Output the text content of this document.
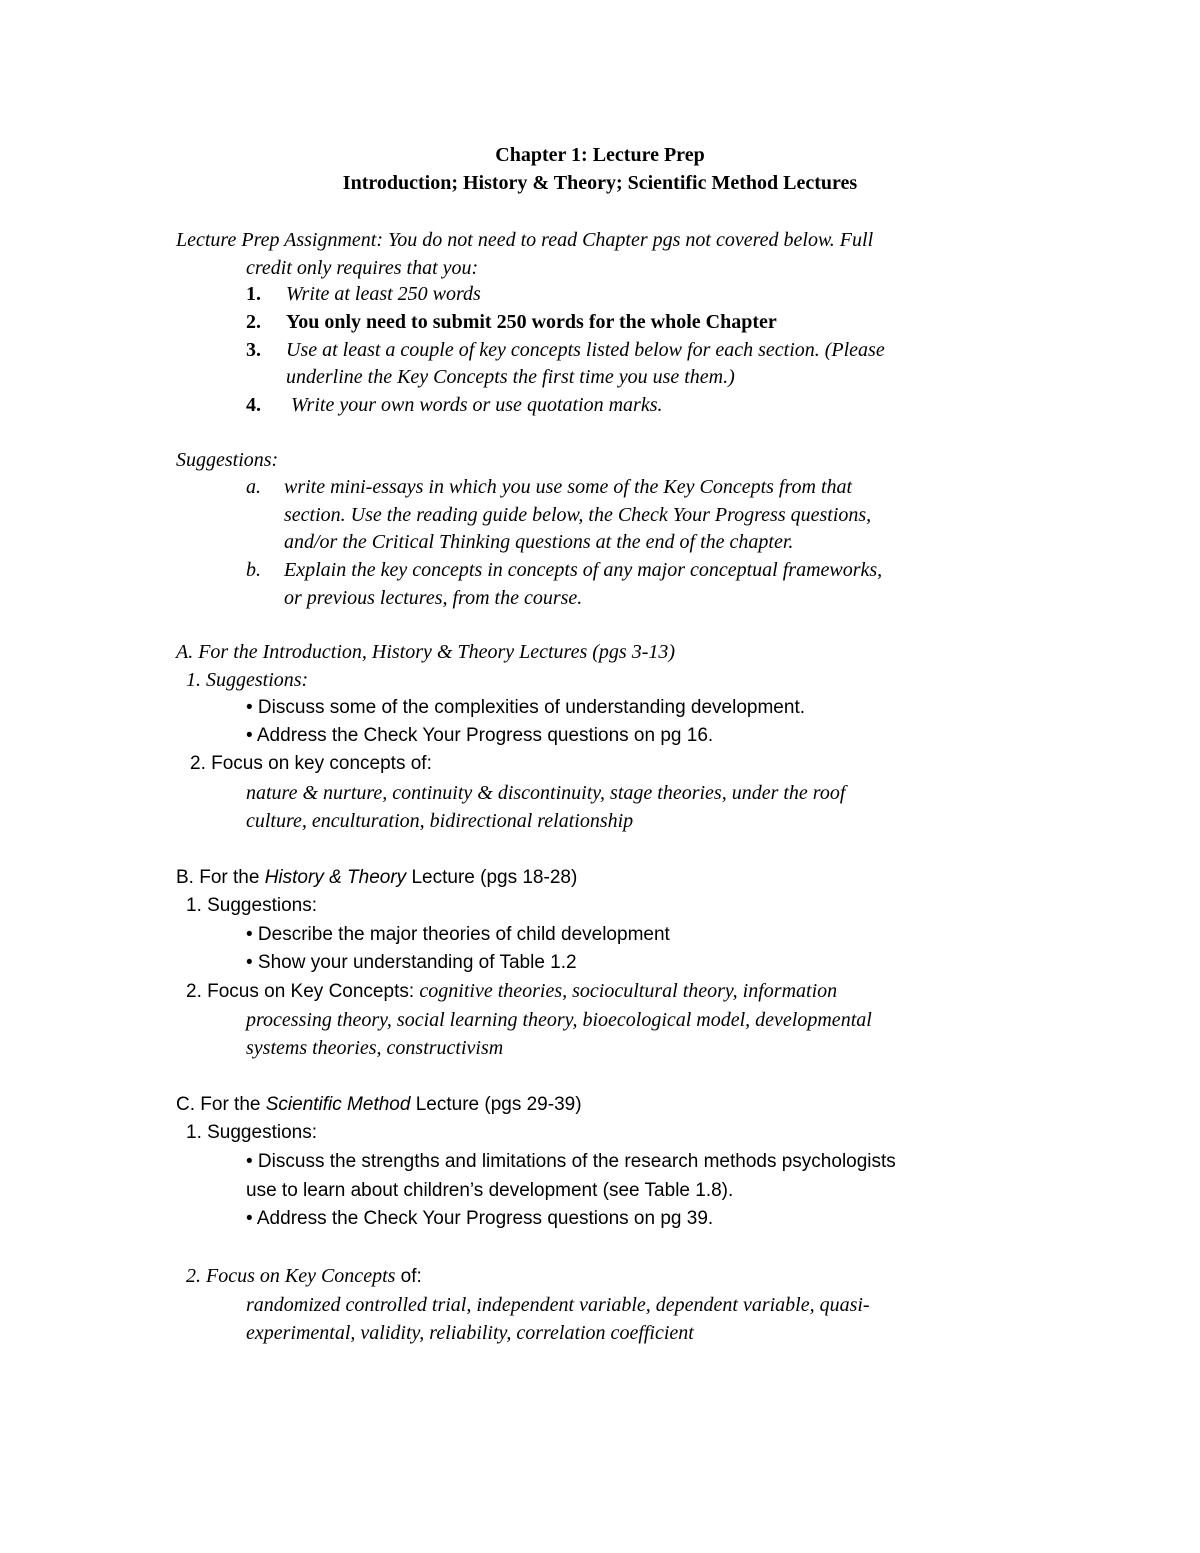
Chapter 1: Lecture Prep
Introduction; History & Theory; Scientific Method Lectures
Lecture Prep Assignment: You do not need to read Chapter pgs not covered below. Full
credit only requires that you:
1. Write at least 250 words
2. You only need to submit 250 words for the whole Chapter
3. Use at least a couple of key concepts listed below for each section. (Please
underline the Key Concepts the first time you use them.)
4. Write your own words or use quotation marks.
Suggestions:
a. write mini-essays in which you use some of the Key Concepts from that
section. Use the reading guide below, the Check Your Progress questions,
and/or the Critical Thinking questions at the end of the chapter.
b. Explain the key concepts in concepts of any major conceptual frameworks,
or previous lectures, from the course.
A. For the Introduction, History & Theory Lectures (pgs 3-13)
1. Suggestions:
• Discuss some of the complexities of understanding development.
• Address the Check Your Progress questions on pg 16.
2. Focus on key concepts of:
nature & nurture, continuity & discontinuity, stage theories, under the roof
culture, enculturation, bidirectional relationship
B. For the History & Theory Lecture (pgs 18-28)
1. Suggestions:
• Describe the major theories of child development
• Show your understanding of Table 1.2
2. Focus on Key Concepts: cognitive theories, sociocultural theory, information
processing theory, social learning theory, bioecological model, developmental
systems theories, constructivism
C. For the Scientific Method Lecture (pgs 29-39)
1. Suggestions:
• Discuss the strengths and limitations of the research methods psychologists
use to learn about children’s development (see Table 1.8).
• Address the Check Your Progress questions on pg 39.
2. Focus on Key Concepts of:
randomized controlled trial, independent variable, dependent variable, quasi-
experimental, validity, reliability, correlation coefficient
